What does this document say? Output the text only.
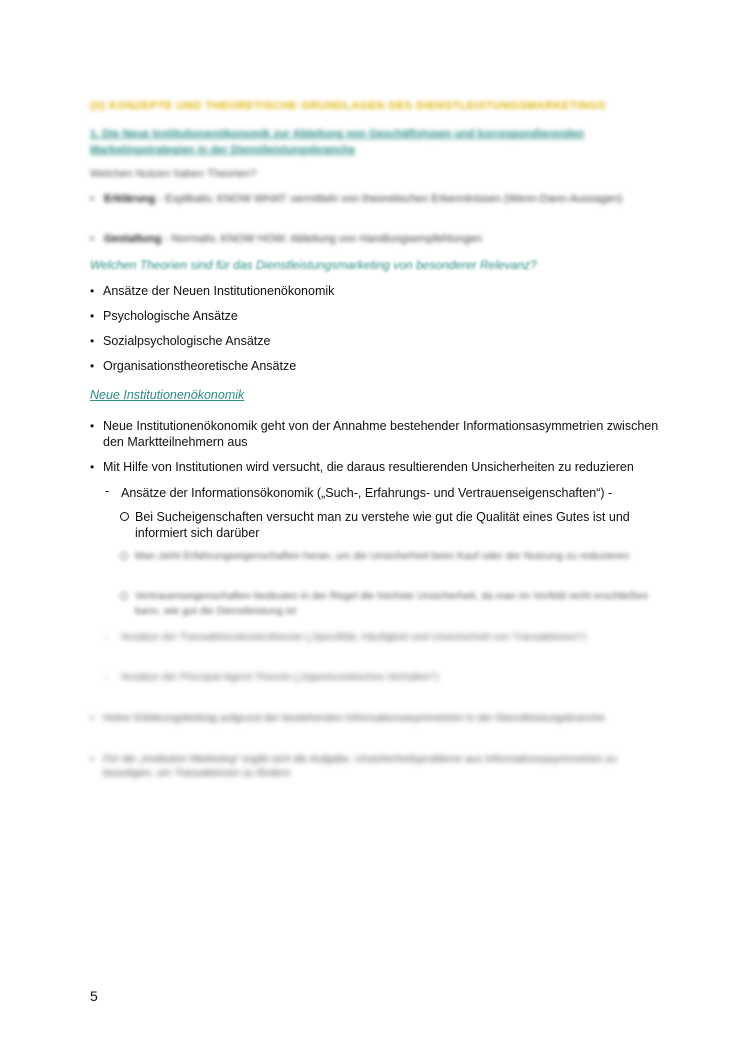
(II) KONZEPTE UND THEORETISCHE GRUNDLAGEN DES DIENSTLEISTUNGSMARKETINGS
1. Die Neue Institutionenökonomik zur Ableitung von Geschäftstypen und korrespondierenden Marketingstrategien in der Dienstleistungsbranche
Welchen Nutzen haben Theorien?
• Erklärung - Explikativ, KNOW WHAT: vermitteln von theoretischen Erkenntnissen (Wenn-Dann-Aussagen)
• Gestaltung - Normativ, KNOW HOW: Ableitung von Handlungsempfehlungen
Welchen Theorien sind für das Dienstleistungsmarketing von besonderer Relevanz?
• Ansätze der Neuen Institutionenökonomik
• Psychologische Ansätze
• Sozialpsychologische Ansätze
• Organisationstheoretische Ansätze
Neue Institutionenökonomik
• Neue Institutionenökonomik geht von der Annahme bestehender Informationsasymmetrien zwischen den Marktteilnehmern aus
• Mit Hilfe von Institutionen wird versucht, die daraus resultierenden Unsicherheiten zu reduzieren
- Ansätze der Informationsökonomik („Such-, Erfahrungs- und Vertrauenseigenschaften“) -
Bei Sucheigenschaften versucht man zu verstehe wie gut die Qualität eines Gutes ist und informiert sich darüber
Man zieht Erfahrungseigenschaften heran, um die Unsicherheit beim Kauf oder der Nutzung zu reduzieren
Vertrauenseigenschaften bedeuten in der Regel die höchste Unsicherheit, da man im Vorfeld nicht erschließen kann, wie gut die Dienstleistung ist
- Ansätze der Transaktionskostentheorie („Spezifität, Häufigkeit und Unsicherheit von Transaktionen“)
- Ansätze der Principal-Agent-Theorie („Opportunistisches Verhalten“)
• Hoher Erklärungsbeitrag aufgrund der bestehenden Informationsasymmetrien in der Dienstleistungsbranche
• Für die „Institution Marketing“ ergibt sich die Aufgabe, Unsicherheitsprobleme aus Informationsasymmetrien zu beseitigen, um Transaktionen zu fördern
5
